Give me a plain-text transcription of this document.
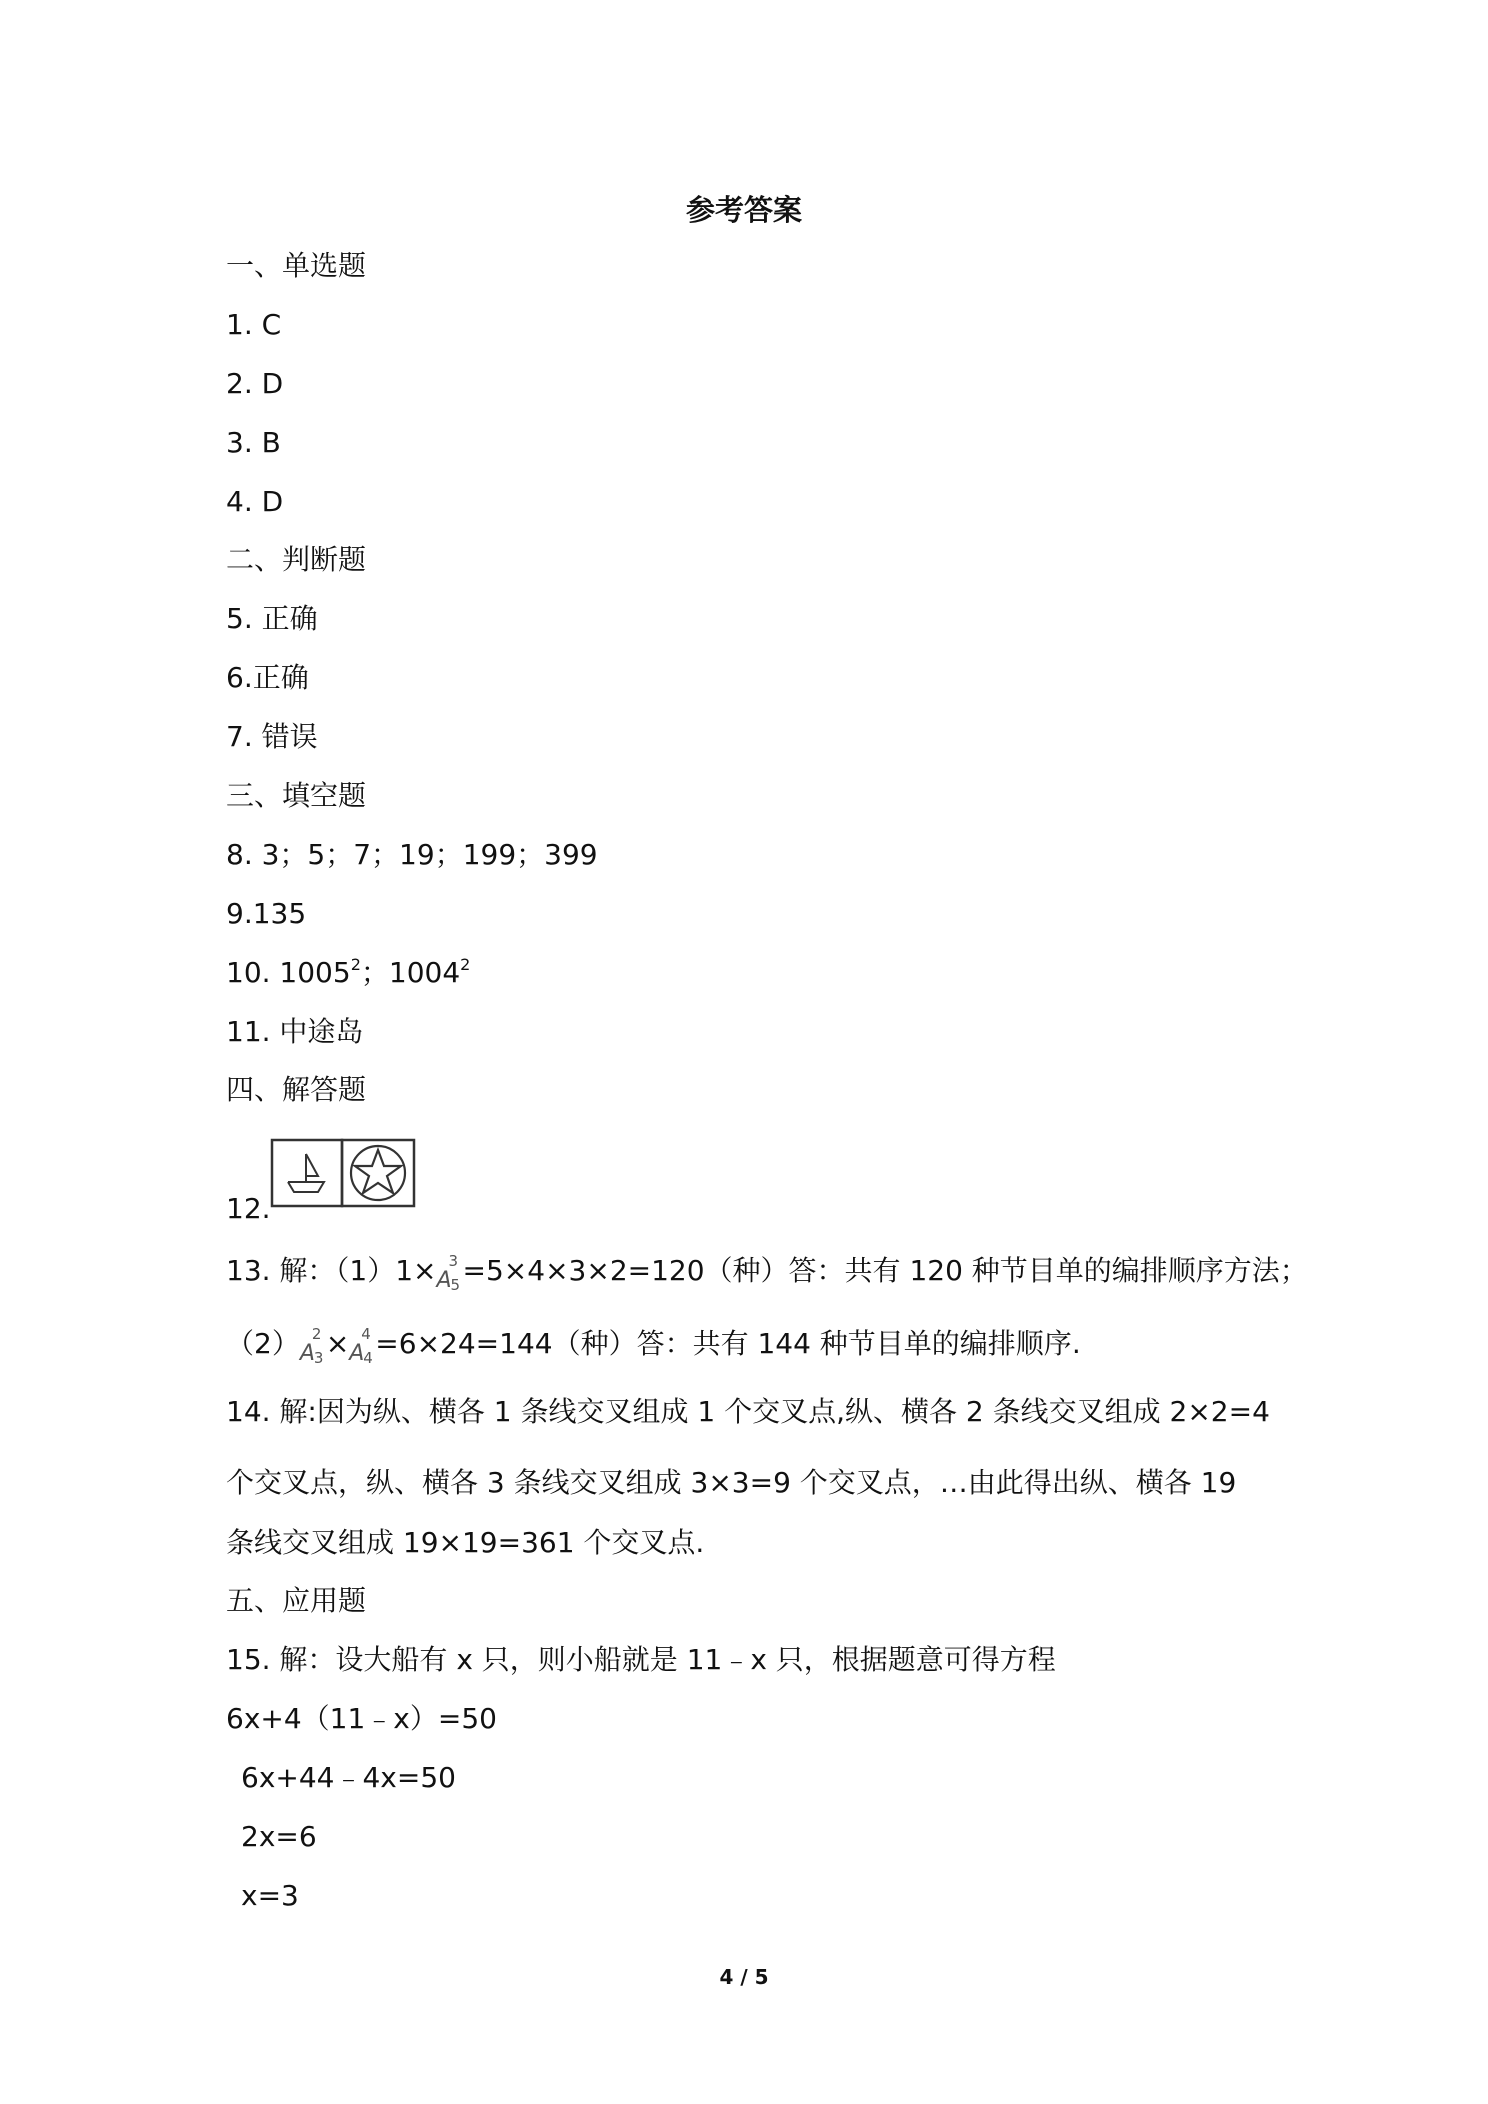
参考答案
一、单选题
1. C
2. D
3. B
4. D
二、判断题
5. 正确
6.正确
7. 错误
三、填空题
8. 3；5；7；19；199；399
9.135
10. 1005$^2$；1004$^2$
11. 中途岛
四、解答题
12.
13. 解：（1）1× A
3
5 =5×4×3×2=120（种）答：共有 120 种节目单的编排顺序方法；
（2） A
2
3 × A
4
4 =6×24=144（种）答：共有 144 种节目单的编排顺序.
14. 解:因为纵、横各 1 条线交叉组成 1 个交叉点,纵、横各 2 条线交叉组成 2×2=4
个交叉点，纵、横各 3 条线交叉组成 3×3=9 个交叉点，…由此得出纵、横各 19
条线交叉组成 19×19=361 个交叉点.
五、应用题
15. 解：设大船有 x 只，则小船就是 11﹣x 只，根据题意可得方程
6x+4（11﹣x）=50
6x+44﹣4x=50
2x=6
x=3
4 / 5
